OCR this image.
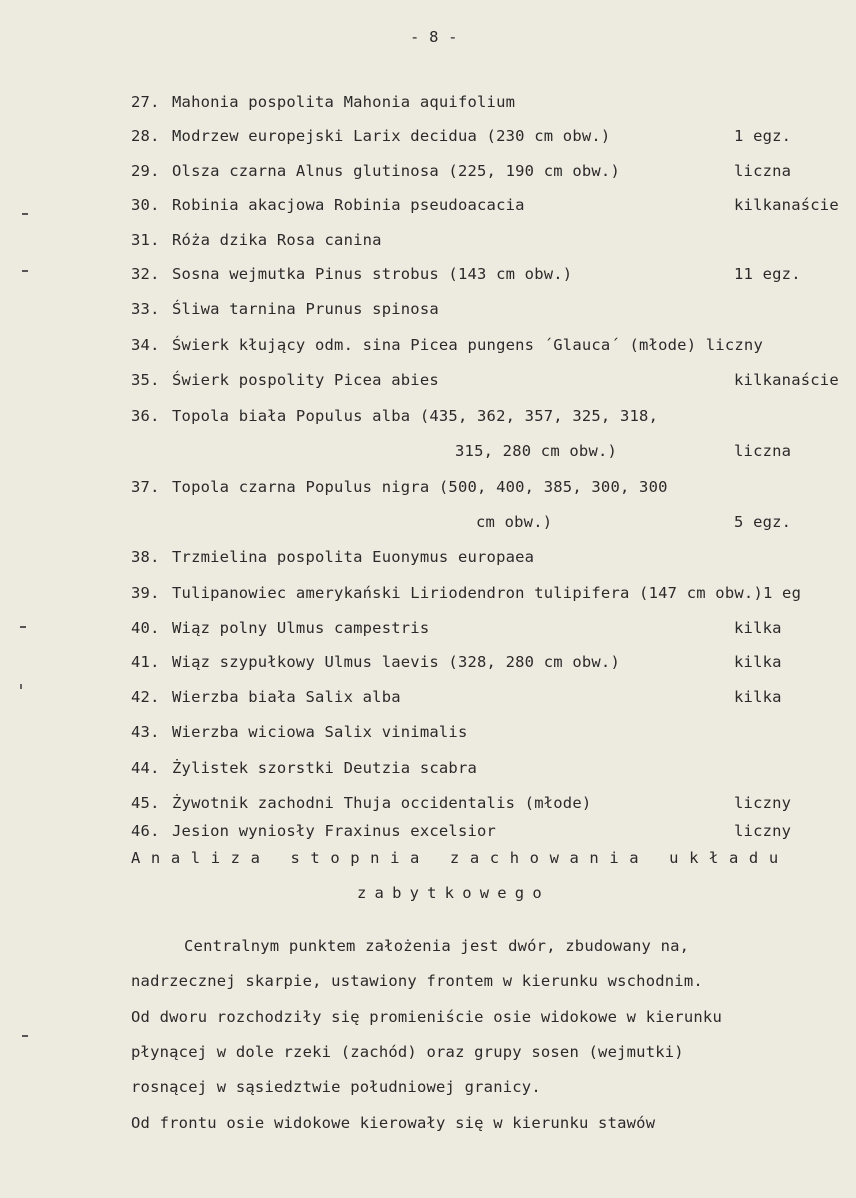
- 8 -
27. Mahonia pospolita Mahonia aquifolium
28. Modrzew europejski Larix decidua (230 cm obw.)	1 egz.
29. Olsza czarna Alnus glutinosa (225, 190 cm obw.)	liczna
30. Robinia akacjowa Robinia pseudoacacia	kilkanaście
31. Róża dzika Rosa canina
32. Sosna wejmutka Pinus strobus (143 cm obw.)	11 egz.
33. Śliwa tarnina Prunus spinosa
34. Świerk kłujący odm. sina Picea pungens ´Glauca´ (młode) liczny
35. Świerk pospolity Picea abies	kilkanaście
36. Topola biała Populus alba (435, 362, 357, 325, 318,
315, 280 cm obw.)	liczna
37. Topola czarna Populus nigra (500, 400, 385, 300, 300
cm obw.)	5 egz.
38. Trzmielina pospolita Euonymus europaea
39. Tulipanowiec amerykański Liriodendron tulipifera (147 cm obw.)1 eg
40. Wiąz polny Ulmus campestris	kilka
41. Wiąz szypułkowy Ulmus laevis (328, 280 cm obw.)	kilka
42. Wierzba biała Salix alba	kilka
43. Wierzba wiciowa Salix vinimalis
44. Żylistek szorstki Deutzia scabra
45. Żywotnik zachodni Thuja occidentalis (młode)	liczny
46. Jesion wyniosły Fraxinus excelsior	liczny
Analiza stopnia zachowania układu
zabytkowego
Centralnym punktem założenia jest dwór, zbudowany na,
nadrzecznej skarpie, ustawiony frontem w kierunku wschodnim.
Od dworu rozchodziły się promieniście osie widokowe w kierunku
płynącej w dole rzeki (zachód) oraz grupy sosen (wejmutki)
rosnącej w sąsiedztwie południowej granicy.
Od frontu osie widokowe kierowały się w kierunku stawów
